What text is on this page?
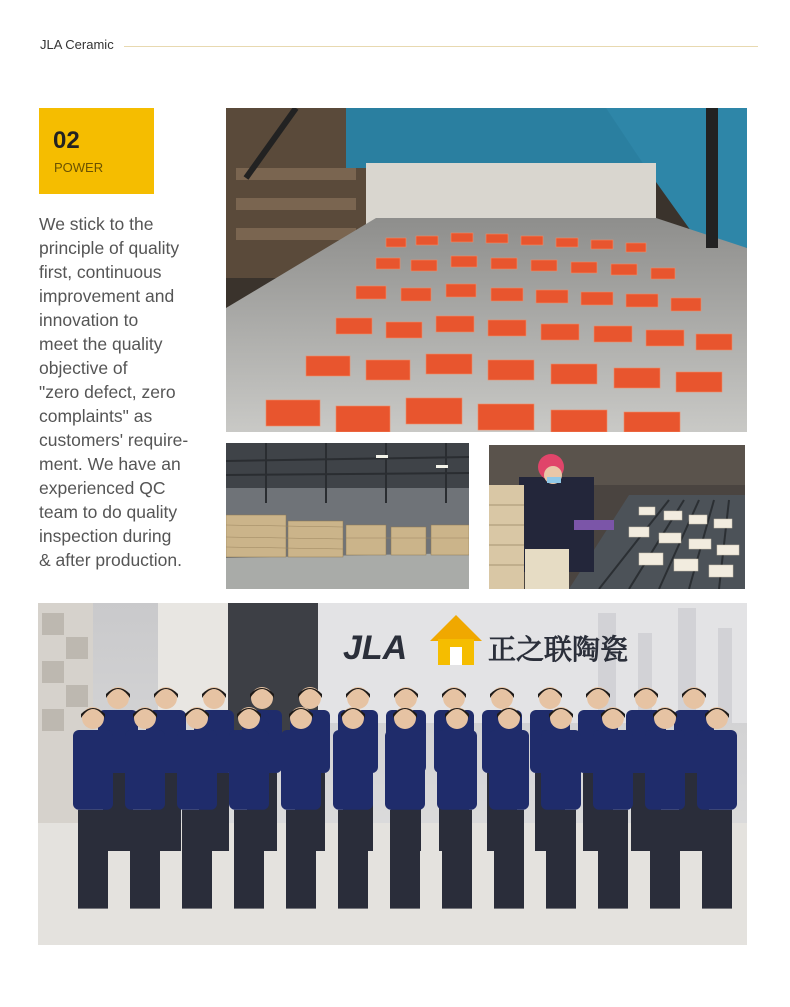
JLA Ceramic
02
POWER

We stick to the
principle of quality
first, continuous
improvement and
innovation to
meet the quality
objective of
"zero defect, zero
complaints" as
customers' require-
ment. We have an
experienced QC
team to do quality
inspection during
& after production.

JLA	正之联陶瓷
